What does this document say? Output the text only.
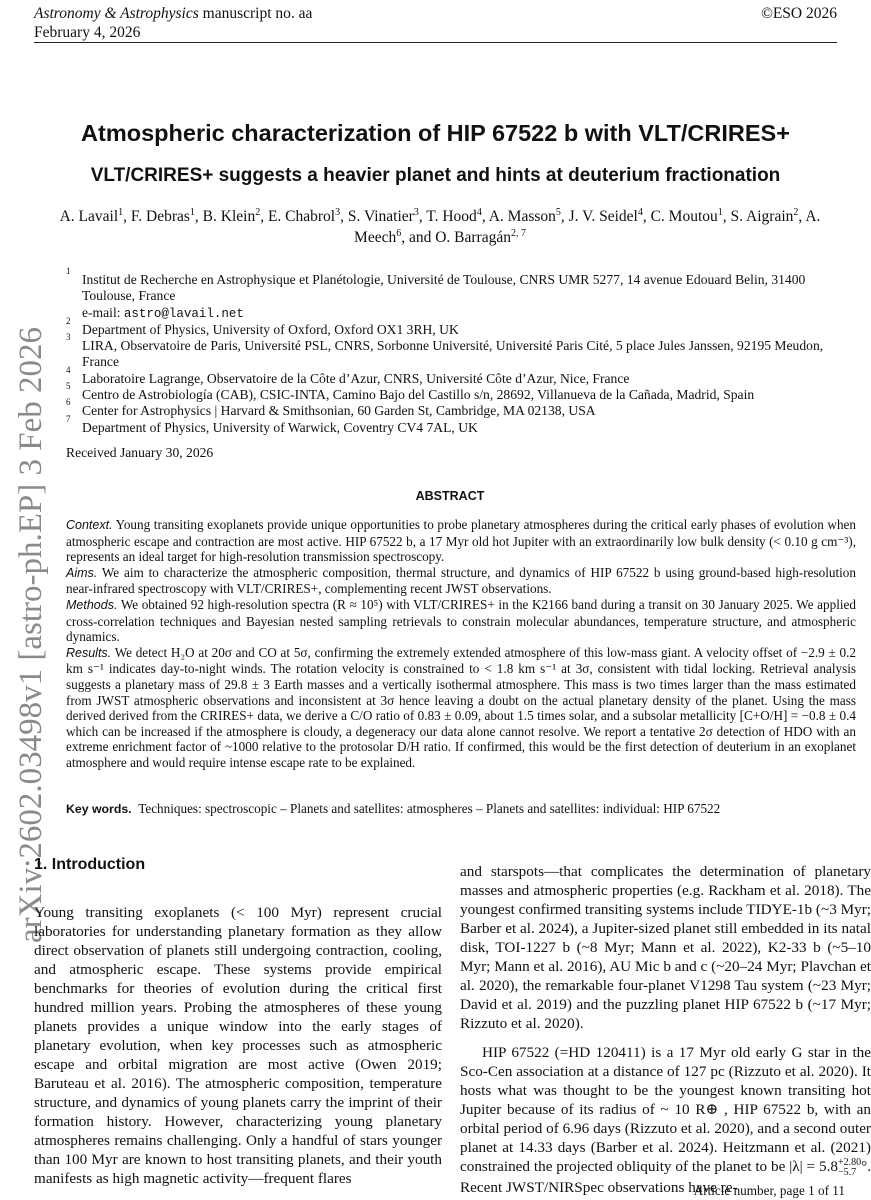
Astronomy & Astrophysics manuscript no. aa
February 4, 2026
©ESO 2026
arXiv:2602.03498v1 [astro-ph.EP] 3 Feb 2026
Atmospheric characterization of HIP 67522 b with VLT/CRIRES+
VLT/CRIRES+ suggests a heavier planet and hints at deuterium fractionation
A. Lavail$^1$, F. Debras$^1$, B. Klein$^2$, E. Chabrol$^3$, S. Vinatier$^3$, T. Hood$^4$, A. Masson$^5$, J. V. Seidel$^4$, C. Moutou$^1$, S. Aigrain$^2$, A. Meech$^6$, and O. Barragán$^{2, 7}$
1
Institut de Recherche en Astrophysique et Planétologie, Université de Toulouse, CNRS UMR 5277, 14 avenue Edouard Belin, 31400 Toulouse, France
e-mail: astro@lavail.net
2
Department of Physics, University of Oxford, Oxford OX1 3RH, UK
3
LIRA, Observatoire de Paris, Université PSL, CNRS, Sorbonne Université, Université Paris Cité, 5 place Jules Janssen, 92195 Meudon, France
4
Laboratoire Lagrange, Observatoire de la Côte d’Azur, CNRS, Université Côte d’Azur, Nice, France
5
Centro de Astrobiología (CAB), CSIC-INTA, Camino Bajo del Castillo s/n, 28692, Villanueva de la Cañada, Madrid, Spain
6
Center for Astrophysics | Harvard & Smithsonian, 60 Garden St, Cambridge, MA 02138, USA
7
Department of Physics, University of Warwick, Coventry CV4 7AL, UK
Received January 30, 2026
ABSTRACT

Context. Young transiting exoplanets provide unique opportunities to probe planetary atmospheres during the critical early phases of evolution when atmospheric escape and contraction are most active. HIP 67522 b, a 17 Myr old hot Jupiter with an extraordinarily low bulk density (< 0.10 g cm⁻³), represents an ideal target for high-resolution transmission spectroscopy.

Aims. We aim to characterize the atmospheric composition, thermal structure, and dynamics of HIP 67522 b using ground-based high-resolution near-infrared spectroscopy with VLT/CRIRES+, complementing recent JWST observations.

Methods. We obtained 92 high-resolution spectra (R ≈ 10⁵) with VLT/CRIRES+ in the K2166 band during a transit on 30 January 2025. We applied cross-correlation techniques and Bayesian nested sampling retrievals to constrain molecular abundances, temperature structure, and atmospheric dynamics.

Results. We detect H₂O at 20σ and CO at 5σ, confirming the extremely extended atmosphere of this low-mass giant. A velocity offset of −2.9 ± 0.2 km s⁻¹ indicates day-to-night winds. The rotation velocity is constrained to < 1.8 km s⁻¹ at 3σ, consistent with tidal locking. Retrieval analysis suggests a planetary mass of 29.8 ± 3 Earth masses and a vertically isothermal atmosphere. This mass is two times larger than the mass estimated from JWST atmospheric observations and inconsistent at 3σ hence leaving a doubt on the actual planetary density of the planet. Using the mass derived derived from the CRIRES+ data, we derive a C/O ratio of 0.83 ± 0.09, about 1.5 times solar, and a subsolar metallicity [C+O/H] = −0.8 ± 0.4 which can be increased if the atmosphere is cloudy, a degeneracy our data alone cannot resolve. We report a tentative 2σ detection of HDO with an extreme enrichment factor of ~1000 relative to the protosolar D/H ratio. If confirmed, this would be the first detection of deuterium in an exoplanet atmosphere and would require intense escape rate to be explained.

Key words. Techniques: spectroscopic – Planets and satellites: atmospheres – Planets and satellites: individual: HIP 67522
1. Introduction

Young transiting exoplanets (< 100 Myr) represent crucial laboratories for understanding planetary formation as they allow direct observation of planets still undergoing contraction, cooling, and atmospheric escape. These systems provide empirical benchmarks for theories of evolution during the critical first hundred million years. Probing the atmospheres of these young planets provides a unique window into the early stages of planetary evolution, when key processes such as atmospheric escape and orbital migration are most active (Owen 2019; Baruteau et al. 2016). The atmospheric composition, temperature structure, and dynamics of young planets carry the imprint of their formation history. However, characterizing young planetary atmospheres remains challenging. Only a handful of stars younger than 100 Myr are known to host transiting planets, and their youth manifests as high magnetic activity—frequent flares

and starspots—that complicates the determination of planetary masses and atmospheric properties (e.g. Rackham et al. 2018). The youngest confirmed transiting systems include TIDYE-1b (~3 Myr; Barber et al. 2024), a Jupiter-sized planet still embedded in its natal disk, TOI-1227 b (~8 Myr; Mann et al. 2022), K2-33 b (~5–10 Myr; Mann et al. 2016), AU Mic b and c (~20–24 Myr; Plavchan et al. 2020), the remarkable four-planet V1298 Tau system (~23 Myr; David et al. 2019) and the puzzling planet HIP 67522 b (~17 Myr; Rizzuto et al. 2020).

HIP 67522 (=HD 120411) is a 17 Myr old early G star in the Sco-Cen association at a distance of 127 pc (Rizzuto et al. 2020). It hosts what was thought to be the youngest known transiting hot Jupiter because of its radius of ~ 10 R⊕ , HIP 67522 b, with an orbital period of 6.96 days (Rizzuto et al. 2020), and a second outer planet at 14.33 days (Barber et al. 2024). Heitzmann et al. (2021) constrained the projected obliquity of the planet to be |λ| = 5.8+2.80
−5.7 °. Recent JWST/NIRSpec observations have re-

Article number, page 1 of 11
